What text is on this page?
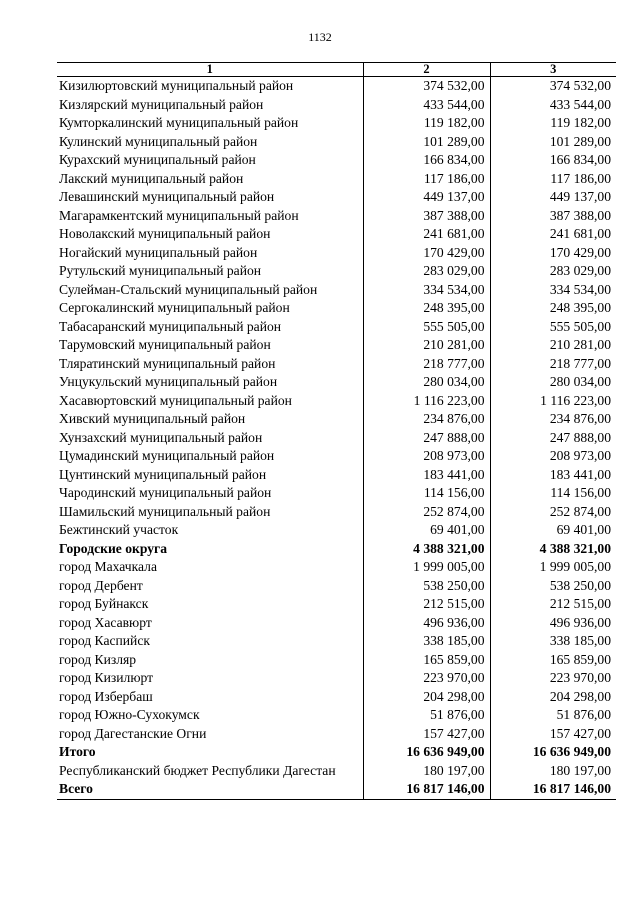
1132
1	2	3
Кизилюртовский муниципальный район	374 532,00	374 532,00
Кизлярский муниципальный район	433 544,00	433 544,00
Кумторкалинский муниципальный район	119 182,00	119 182,00
Кулинский муниципальный район	101 289,00	101 289,00
Курахский муниципальный район	166 834,00	166 834,00
Лакский муниципальный район	117 186,00	117 186,00
Левашинский муниципальный район	449 137,00	449 137,00
Магарамкентский муниципальный район	387 388,00	387 388,00
Новолакский муниципальный район	241 681,00	241 681,00
Ногайский муниципальный район	170 429,00	170 429,00
Рутульский муниципальный район	283 029,00	283 029,00
Сулейман-Стальский муниципальный район	334 534,00	334 534,00
Сергокалинский муниципальный район	248 395,00	248 395,00
Табасаранский муниципальный район	555 505,00	555 505,00
Тарумовский муниципальный район	210 281,00	210 281,00
Тляратинский муниципальный район	218 777,00	218 777,00
Унцукульский муниципальный район	280 034,00	280 034,00
Хасавюртовский муниципальный район	1 116 223,00	1 116 223,00
Хивский муниципальный район	234 876,00	234 876,00
Хунзахский муниципальный район	247 888,00	247 888,00
Цумадинский муниципальный район	208 973,00	208 973,00
Цунтинский муниципальный район	183 441,00	183 441,00
Чародинский муниципальный район	114 156,00	114 156,00
Шамильский муниципальный район	252 874,00	252 874,00
Бежтинский участок	69 401,00	69 401,00
Городские округа	4 388 321,00	4 388 321,00
город Махачкала	1 999 005,00	1 999 005,00
город Дербент	538 250,00	538 250,00
город Буйнакск	212 515,00	212 515,00
город Хасавюрт	496 936,00	496 936,00
город Каспийск	338 185,00	338 185,00
город Кизляр	165 859,00	165 859,00
город Кизилюрт	223 970,00	223 970,00
город Избербаш	204 298,00	204 298,00
город Южно-Сухокумск	51 876,00	51 876,00
город Дагестанские Огни	157 427,00	157 427,00
Итого	16 636 949,00	16 636 949,00
Республиканский бюджет Республики Дагестан	180 197,00	180 197,00
Всего	16 817 146,00	16 817 146,00
